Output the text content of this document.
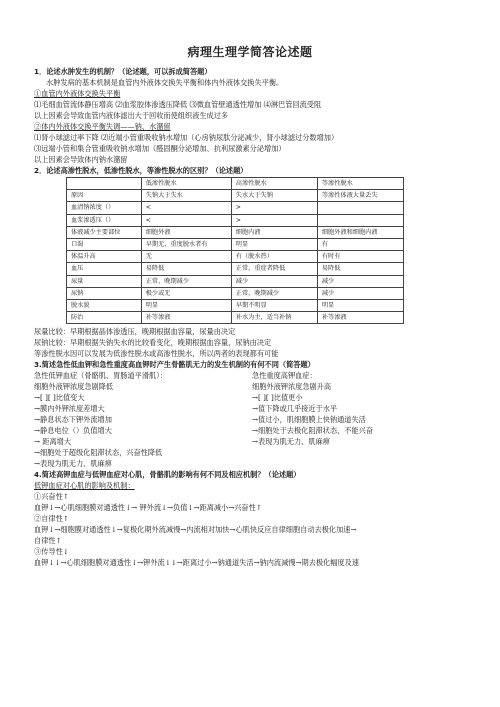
病理生理学简答论述题
1．论述水肿发生的机制？（论述题，可以拆成简答题）
水肿发病的基本机制是血管内外液体交换失平衡和体内外液体交换失平衡。
①血管内外液体交换失平衡
⑴毛细血管流体静压增高 ⑵血浆胶体渗透压降低 ⑶微血管壁通透性增加 ⑷淋巴管回流受阻
以上因素会导致血管内液体滤出大于回收而使组织液生成过多
②体内外液体交换平衡失调——钠、水潴留
⑴肾小球滤过率下降 ⑵近端小管重吸收钠水增加（心房钠尿肽分泌减少，肾小球滤过分数增加）
⑶远端小管和集合管重吸收钠水增加（醛固酮分泌增加、抗利尿激素分泌增加）
以上因素会导致体内钠水潴留
2．论述高渗性脱水，低渗性脱水，等渗性脱水的区别？（论述题）
	低渗性脱水	高渗性脱水	等渗性脱水
原因	失钠大于失水	失水大于失钠	等渗性体液大量丢失
血清钠浓度（）	<	>	
血浆渗透压（）	<	>	
体液减少主要部位	细胞外液	细胞内液	细胞外液和细胞内液
口渴	早期无，重度脱水者有	明显	有
体温升高	无	有（脱水热）	有时有
血压	易降低	正常，重症者降低	易降低
尿量	正常，晚期减少	减少	减少
尿钠	极少或无	正常，晚期减少	减少
脱水貌	明显	早期不明显	明显
防治	补等渗液	补水为主，适当补钠	补等渗液
尿量比较：早期根据晶体渗透压，晚期根据血容量，尿量由决定
尿钠比较：早期根据失钠失水的比较看变化，晚期根据血容量，尿钠由决定
等渗性脱水因可以发展为低渗性脱水或高渗性脱水，所以两者的表现都有可能
3.简述急性低血钾和急性重度高血钾时产生骨骼肌无力的发生机制的有何不同（简答题）
急性低钾血症（骨骼肌、胃肠道平滑肌）：
细胞外液钾浓度急剧降低
→[ ][ ]比值变大
→膜内外钾浓度差增大
→静息状态下钾外流增加
→静息电位（）负值增大
→ 距离增大
→细胞处于超级化阻滞状态，兴奋性降低
→表现为肌无力、肌麻痹
急性重度高钾血症：
细胞外液钾浓度急剧升高
→[ ][ ]比值更小
→值下降或几乎接近于水平
→值过小，肌细胞膜上快钠通道失活
→细胞处于去极化阻滞状态，不能兴奋
→表现为肌无力、肌麻痹
4.简述高钾血症与低钾血症对心肌，骨骼肌的影响有何不同及相应机制？（论述题）
低钾血症对心肌的影响及机制：
①兴奋性↑
血钾↓→心肌细胞膜对通透性↓→ 钾外流↓→负值↓→距离减小→兴奋性↑
②自律性↑
血钾↓→细胞膜对通透性↓→复极化期外流减慢→内流相对加快→心肌快反应自律细胞自动去极化加速→
自律性↑
③传导性↓
血钾↓↓→心肌细胞膜对通透性↓→钾外流↓↓→距离过小→钠通道失活→钠内流减慢→期去极化幅度及速
